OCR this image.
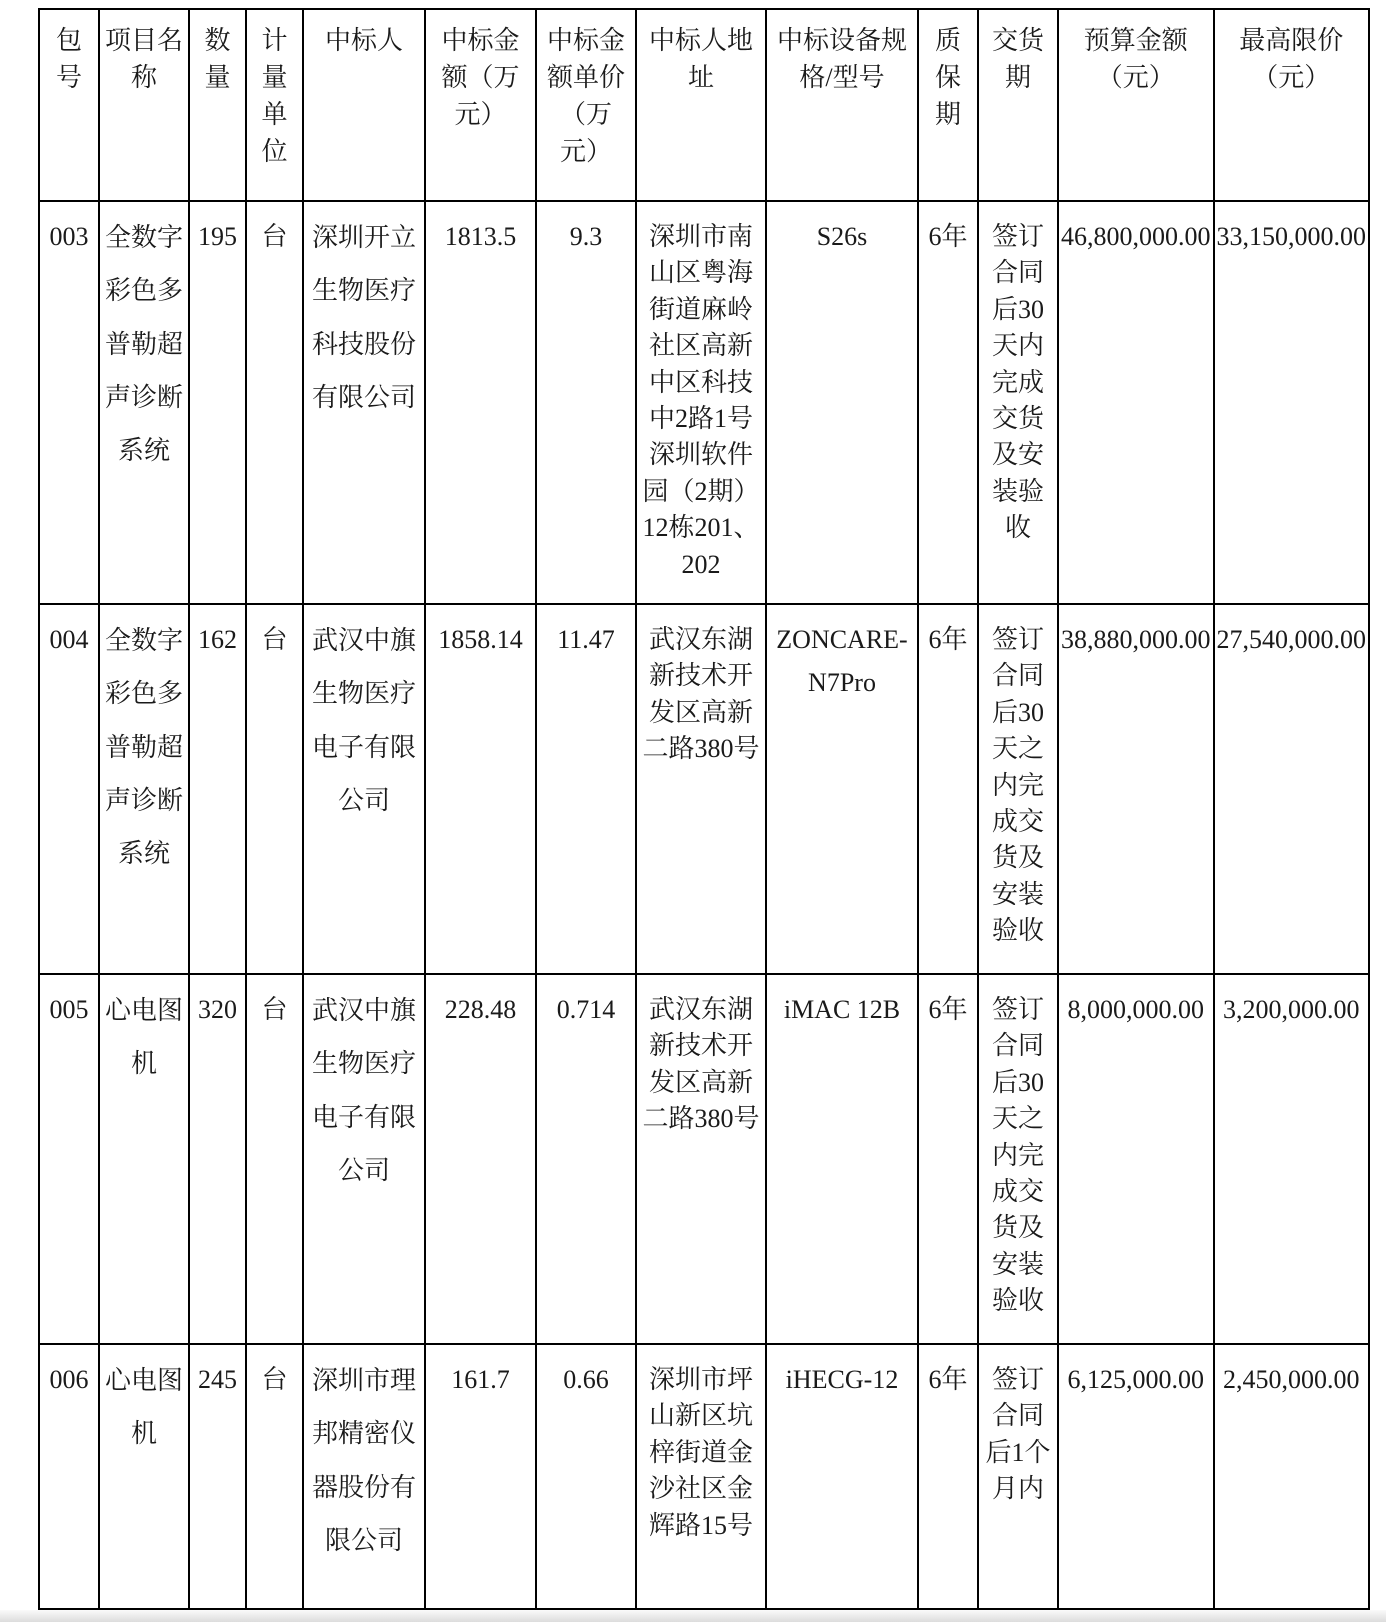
包号	项目名称	数量	计量单位	中标人	中标金额（万元）	中标金额单价（万元）	中标人地址	中标设备规格/型号	质保期	交货期	预算金额（元）	最高限价（元）
003	全数字彩色多普勒超声诊断系统	195	台	深圳开立生物医疗科技股份有限公司	1813.5	9.3	深圳市南山区粤海街道麻岭社区高新中区科技中2路1号深圳软件园（2期）12栋201、202	S26s	6年	签订合同后30天内完成交货及安装验收	46,800,000.00	33,150,000.00
004	全数字彩色多普勒超声诊断系统	162	台	武汉中旗生物医疗电子有限公司	1858.14	11.47	武汉东湖新技术开发区高新二路380号	ZONCARE-N7Pro	6年	签订合同后30天之内完成交货及安装验收	38,880,000.00	27,540,000.00
005	心电图机	320	台	武汉中旗生物医疗电子有限公司	228.48	0.714	武汉东湖新技术开发区高新二路380号	iMAC 12B	6年	签订合同后30天之内完成交货及安装验收	8,000,000.00	3,200,000.00
006	心电图机	245	台	深圳市理邦精密仪器股份有限公司	161.7	0.66	深圳市坪山新区坑梓街道金沙社区金辉路15号	iHECG-12	6年	签订合同后1个月内	6,125,000.00	2,450,000.00
